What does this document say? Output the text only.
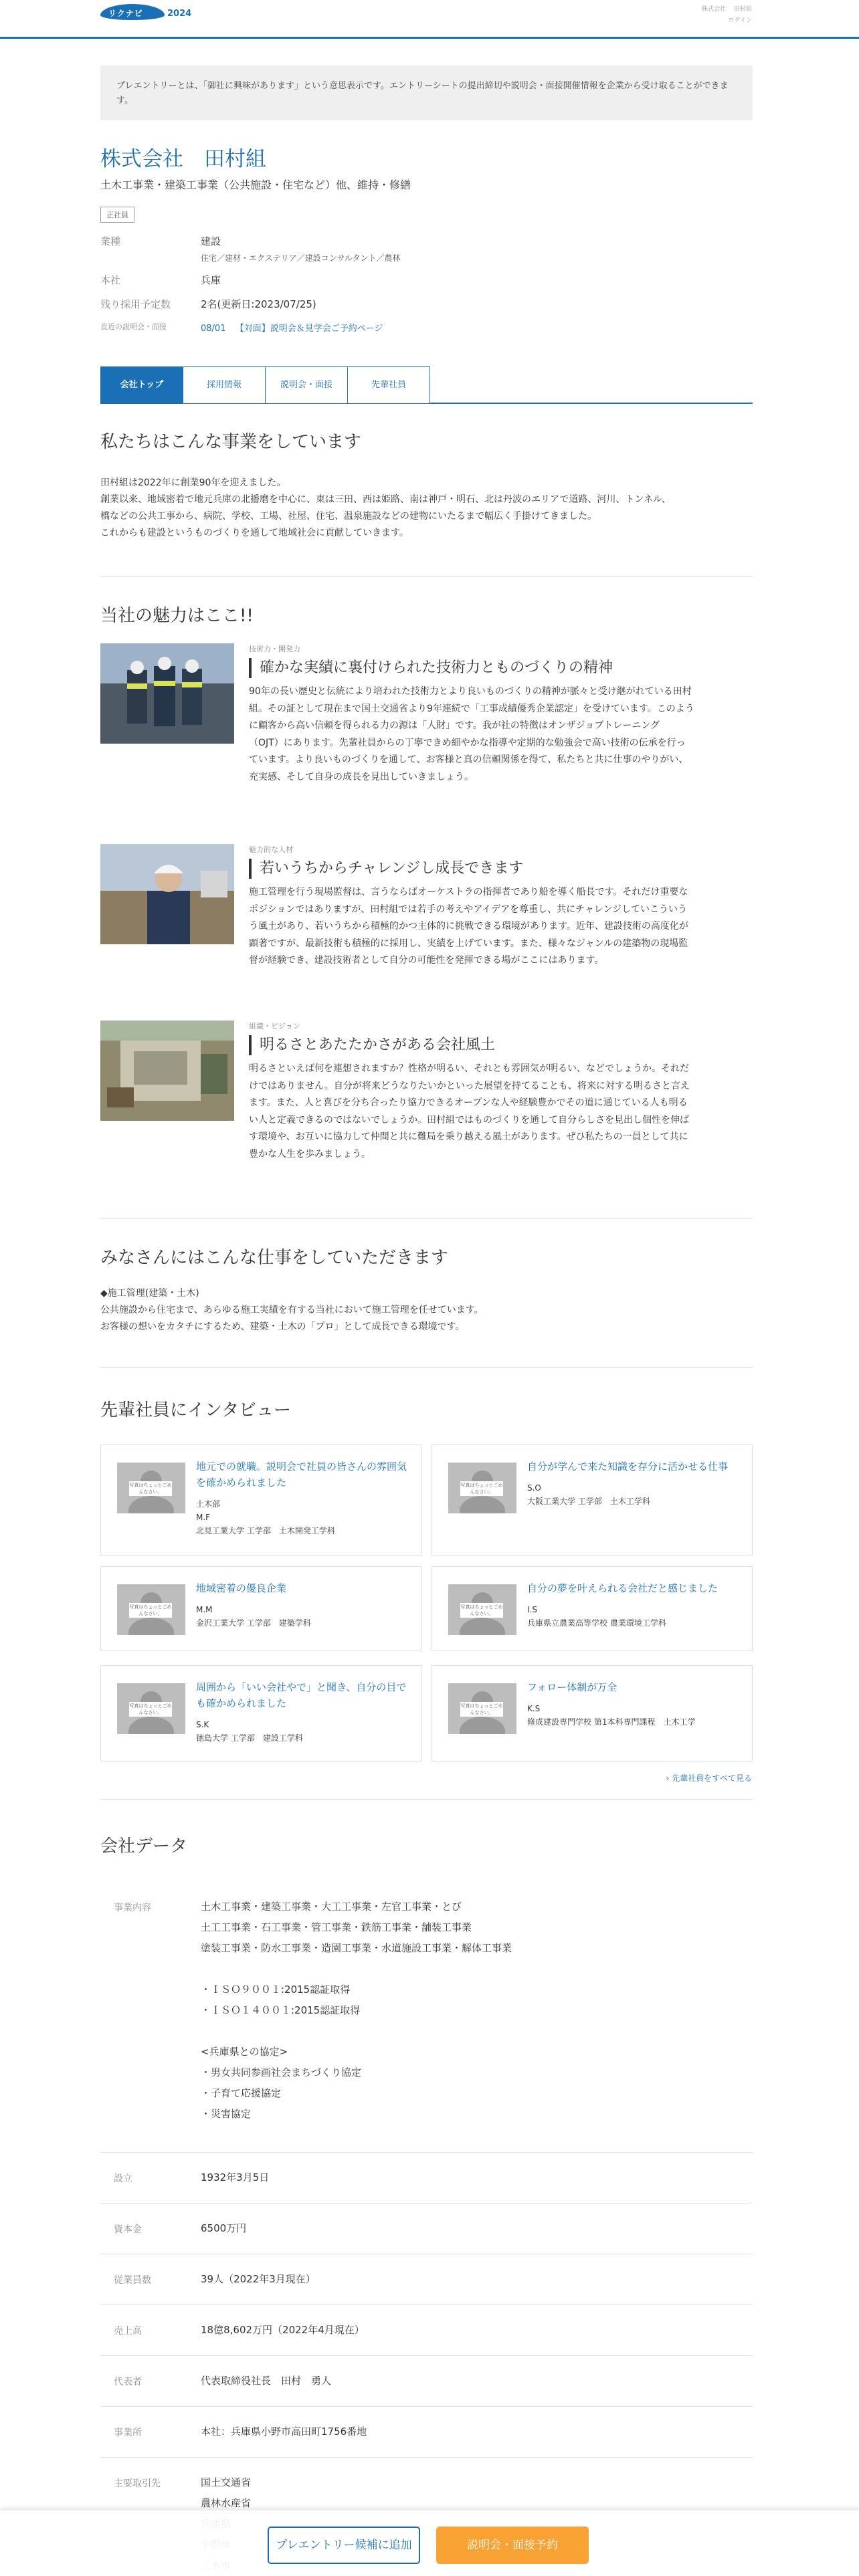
リクナビ	2024	株式会社 田村組
ログイン
プレエントリーとは、「御社に興味があります」という意思表示です。エントリーシートの提出締切や説明会・面接開催情報を企業から受け取ることができます。
株式会社　田村組
土木工事業・建築工事業（公共施設・住宅など）他、維持・修繕
正社員
業種	建設
住宅／建材・エクステリア／建設コンサルタント／農林
本社	兵庫
残り採用予定数	2名(更新日:2023/07/25)
直近の説明会・面接	08/01 【対面】説明会＆見学会ご予約ページ
会社トップ	採用情報	説明会・面接	先輩社員
私たちはこんな事業をしています
田村組は2022年に創業90年を迎えました。
創業以来、地域密着で地元兵庫の北播磨を中心に、東は三田、西は姫路、南は神戸・明石、北は丹波のエリアで道路、河川、トンネル、
橋などの公共工事から、病院、学校、工場、社屋、住宅、温泉施設などの建物にいたるまで幅広く手掛けてきました。
これからも建設というものづくりを通して地域社会に貢献していきます。
当社の魅力はここ!!
技術力・開発力
確かな実績に裏付けられた技術力とものづくりの精神
90年の長い歴史と伝統により培われた技術力とより良いものづくりの精神が脈々と受け継がれている田村
組。その証として現在まで国土交通省より9年連続で「工事成績優秀企業認定」を受けています。このよう
に顧客から高い信頼を得られる力の源は「人財」です。我が社の特徴はオンザジョブトレーニング
（OJT）にあります。先輩社員からの丁寧できめ細やかな指導や定期的な勉強会で高い技術の伝承を行っ
ています。より良いものづくりを通して、お客様と真の信頼関係を得て、私たちと共に仕事のやりがい、
充実感、そして自身の成長を見出していきましょう。
魅力的な人材
若いうちからチャレンジし成長できます
施工管理を行う現場監督は、言うならばオーケストラの指揮者であり船を導く船長です。それだけ重要な
ポジションではありますが、田村組では若手の考えやアイデアを尊重し、共にチャレンジしていこういう
う風土があり、若いうちから積極的かつ主体的に挑戦できる環境があります。近年、建設技術の高度化が
顕著ですが、最新技術も積極的に採用し、実績を上げています。また、様々なジャンルの建築物の現場監
督が経験でき、建設技術者として自分の可能性を発揮できる場がここにはあります。
組織・ビジョン
明るさとあたたかさがある会社風土
明るさといえば何を連想されますか？性格が明るい、それとも雰囲気が明るい、などでしょうか。それだ
けではありません。自分が将来どうなりたいかといった展望を持てることも、将来に対する明るさと言え
ます。また、人と喜びを分ち合ったり協力できるオープンな人や経験豊かでその道に通じている人も明る
い人と定義できるのではないでしょうか。田村組ではものづくりを通して自分らしさを見出し個性を伸ば
す環境や、お互いに協力して仲間と共に難局を乗り越える風土があります。ぜひ私たちの一員として共に
豊かな人生を歩みましょう。
みなさんにはこんな仕事をしていただきます
◆施工管理(建築・土木)
公共施設から住宅まで、あらゆる施工実績を有する当社において施工管理を任せています。
お客様の想いをカタチにするため、建築・土木の「プロ」として成長できる環境です。
先輩社員にインタビュー
写真はちょっとごめんなさい。
地元での就職。説明会で社員の皆さんの雰囲気を確かめられました
土木部
M.F
北見工業大学 工学部　土木開発工学科
写真はちょっとごめんなさい。
自分が学んで来た知識を存分に活かせる仕事
S.O
大阪工業大学 工学部　土木工学科
写真はちょっとごめんなさい。
地域密着の優良企業
M.M
金沢工業大学 工学部　建築学科
写真はちょっとごめんなさい。
自分の夢を叶えられる会社だと感じました
I.S
兵庫県立農業高等学校 農業環境工学科
写真はちょっとごめんなさい。
周囲から「いい会社やで」と聞き、自分の目でも確かめられました
S.K
徳島大学 工学部　建設工学科
写真はちょっとごめんなさい。
フォロー体制が万全
K.S
修成建設専門学校 第1本科専門課程　土木工学
› 先輩社員をすべて見る
会社データ
事業内容	土木工事業・建築工事業・大工工事業・左官工事業・とび
土工工事業・石工事業・管工事業・鉄筋工事業・舗装工事業
塗装工事業・防水工事業・造園工事業・水道施設工事業・解体工事業
・ＩＳＯ９００１:2015認証取得
・ＩＳＯ１４００１:2015認証取得
<兵庫県との協定>
・男女共同参画社会まちづくり協定
・子育て応援協定
・災害協定
設立	1932年3月5日
資本金	6500万円
従業員数	39人（2022年3月現在）
売上高	18億8,602万円（2022年4月現在）
代表者	代表取締役社長　田村　勇人
事業所	本社：兵庫県小野市高田町1756番地
主要取引先	国土交通省
農林水産省
プレエントリー候補に追加	説明会・面接予約
